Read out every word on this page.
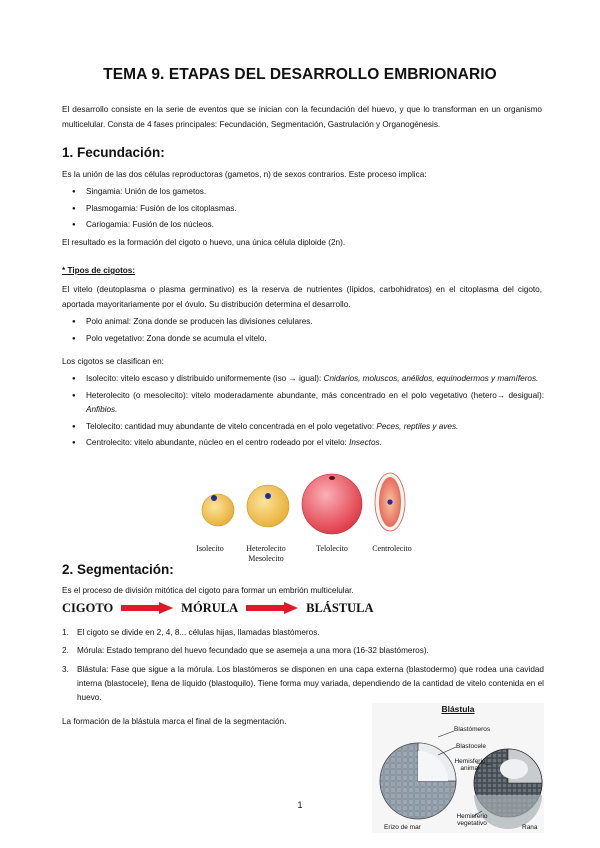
TEMA 9. ETAPAS DEL DESARROLLO EMBRIONARIO
El desarrollo consiste en la serie de eventos que se inician con la fecundación del huevo, y que lo transforman en un organismo multicelular. Consta de 4 fases principales: Fecundación, Segmentación, Gastrulación y Organogénesis.
1. Fecundación:
Es la unión de las dos células reproductoras (gametos, n) de sexos contrarios. Este proceso implica:
● Singamia: Unión de los gametos.
● Plasmogamia: Fusión de los citoplasmas.
● Cariogamia: Fusión de los núcleos.
El resultado es la formación del cigoto o huevo, una única célula diploide (2n).
* Tipos de cigotos:
El vitelo (deutoplasma o plasma germinativo) es la reserva de nutrientes (lípidos, carbohidratos) en el citoplasma del cigoto, aportada mayoritariamente por el óvulo. Su distribución determina el desarrollo.
● Polo animal: Zona donde se producen las divisiones celulares.
● Polo vegetativo: Zona donde se acumula el vitelo.
Los cigotos se clasifican en:
● Isolecito: vitelo escaso y distribuido uniformemente (iso → igual): Cnidarios, moluscos, anélidos, equinodermos y mamíferos.
● Heterolecito (o mesolecito): vitelo moderadamente abundante, más concentrado en el polo vegetativo (hetero→ desigual): Anfibios.
● Telolecito: cantidad muy abundante de vitelo concentrada en el polo vegetativo: Peces, reptiles y aves.
● Centrolecito: vitelo abundante, núcleo en el centro rodeado por el vitelo: Insectos.
Isolecito	Heterolecito
Mesolecito
Telolecito	Centrolecito
2. Segmentación:
Es el proceso de división mitótica del cigoto para formar un embrión multicelular.
CIGOTO	MÓRULA	BLÁSTULA
1. El cigoto se divide en 2, 4, 8... células hijas, llamadas blastómeros.
2. Mórula: Estado temprano del huevo fecundado que se asemeja a una mora (16-32 blastómeros).
3. Blástula: Fase que sigue a la mórula. Los blastómeros se disponen en una capa externa (blastodermo) que rodea una cavidad interna (blastocele), llena de líquido (blastoquilo). Tiene forma muy variada, dependiendo de la cantidad de vitelo contenida en el huevo.
La formación de la blástula marca el final de la segmentación.
Blástula
Blastómeros
Blastocele
Hemisferio
animal
Hemisferio
vegetativo
Erizo de mar	Rana
1
